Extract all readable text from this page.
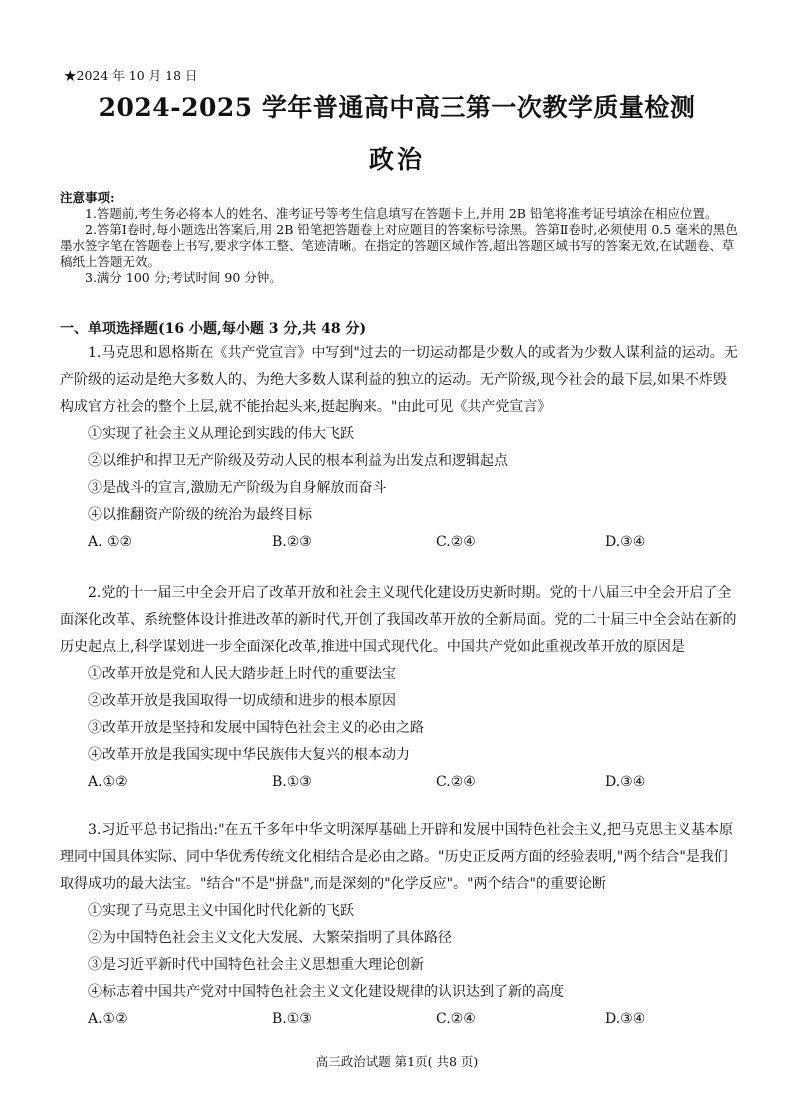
★2024 年 10 月 18 日
2024-2025 学年普通高中高三第一次教学质量检测
政治
注意事项:

1.答题前,考生务必将本人的姓名、准考证号等考生信息填写在答题卡上,并用 2B 铅笔将准考证号填涂在相应位置。

2.答第Ⅰ卷时,每小题选出答案后,用 2B 铅笔把答题卷上对应题目的答案标号涂黑。答第Ⅱ卷时,必须使用 0.5 毫米的黑色墨水签字笔在答题卷上书写,要求字体工整、笔迹清晰。在指定的答题区域作答,超出答题区域书写的答案无效,在试题卷、草稿纸上答题无效。

3.满分 100 分;考试时间 90 分钟。

一、单项选择题(16 小题,每小题 3 分,共 48 分)

1.马克思和恩格斯在《共产党宣言》中写到"过去的一切运动都是少数人的或者为少数人谋利益的运动。无产阶级的运动是绝大多数人的、为绝大多数人谋利益的独立的运动。无产阶级,现今社会的最下层,如果不炸毁构成官方社会的整个上层,就不能抬起头来,挺起胸来。"由此可见《共产党宣言》

①实现了社会主义从理论到实践的伟大飞跃

②以维护和捍卫无产阶级及劳动人民的根本利益为出发点和逻辑起点

③是战斗的宣言,激励无产阶级为自身解放而奋斗

④以推翻资产阶级的统治为最终目标

A. ①②	B.②③	C.②④	D.③④

2.党的十一届三中全会开启了改革开放和社会主义现代化建设历史新时期。党的十八届三中全会开启了全面深化改革、系统整体设计推进改革的新时代,开创了我国改革开放的全新局面。党的二十届三中全会站在新的历史起点上,科学谋划进一步全面深化改革,推进中国式现代化。中国共产党如此重视改革开放的原因是

①改革开放是党和人民大踏步赶上时代的重要法宝

②改革开放是我国取得一切成绩和进步的根本原因

③改革开放是坚持和发展中国特色社会主义的必由之路

④改革开放是我国实现中华民族伟大复兴的根本动力

A.①②	B.①③	C.②④	D.③④

3.习近平总书记指出:"在五千多年中华文明深厚基础上开辟和发展中国特色社会主义,把马克思主义基本原理同中国具体实际、同中华优秀传统文化相结合是必由之路。"历史正反两方面的经验表明,"两个结合"是我们取得成功的最大法宝。"结合"不是"拼盘",而是深刻的"化学反应"。"两个结合"的重要论断

①实现了马克思主义中国化时代化新的飞跃

②为中国特色社会主义文化大发展、大繁荣指明了具体路径

③是习近平新时代中国特色社会主义思想重大理论创新

④标志着中国共产党对中国特色社会主义文化建设规律的认识达到了新的高度

A.①②	B.①③	C.②④	D.③④
高三政治试题 第1页( 共8 页)
